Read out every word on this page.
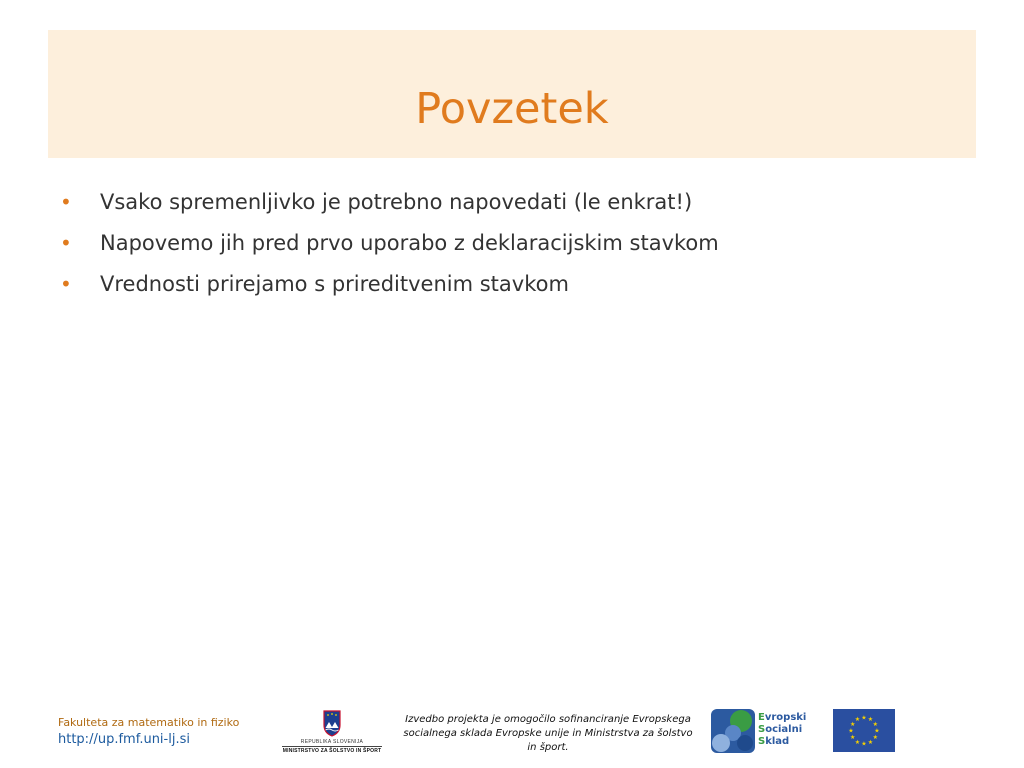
Povzetek
•	Vsako spremenljivko je potrebno napovedati (le enkrat!)
•	Napovemo jih pred prvo uporabo z deklaracijskim stavkom
•	Vrednosti prirejamo s prireditvenim stavkom
Fakulteta za matematiko in fiziko
http://up.fmf.uni-lj.si	REPUBLIKA SLOVENIJA
MINISTRSTVO ZA ŠOLSTVO IN ŠPORT
Izvedbo projekta je omogočilo sofinanciranje Evropskega socialnega sklada Evropske unije in Ministrstva za šolstvo in šport.
Evropski
Socialni
Sklad
★ ★
★
★
★
★
★
★
★
★
★
★
